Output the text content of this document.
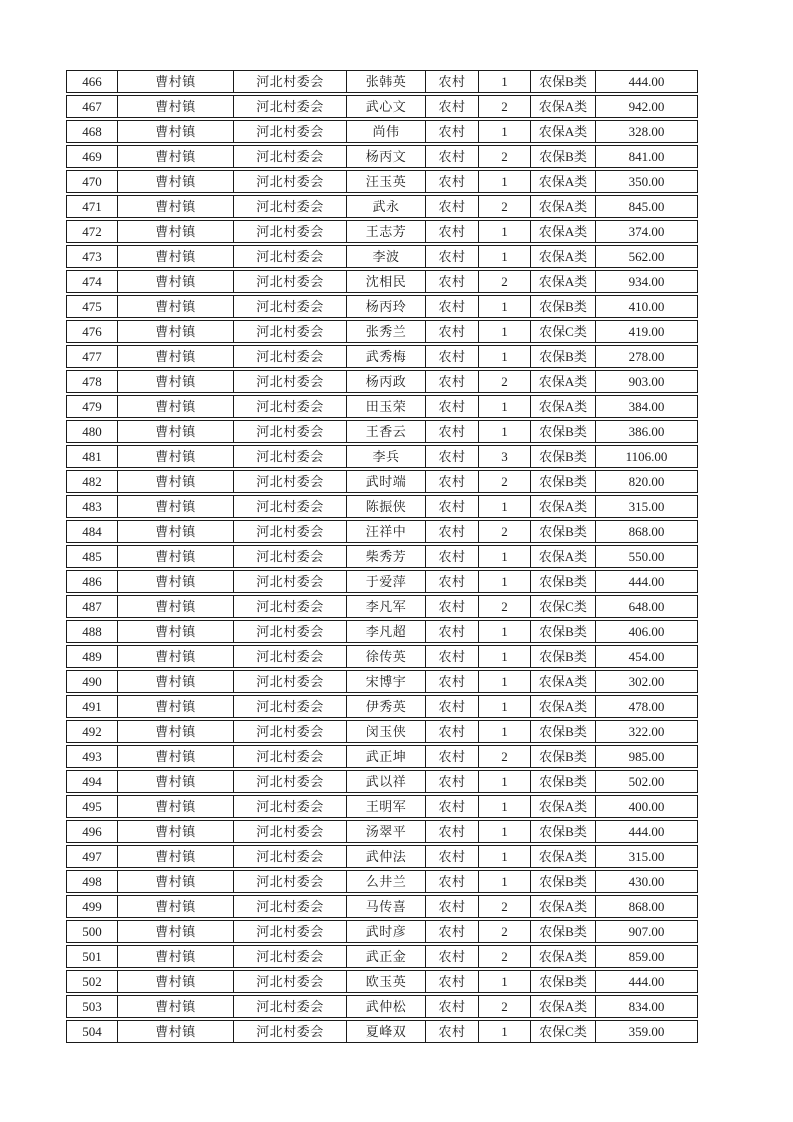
466	曹村镇	河北村委会	张韩英	农村	1	农保B类	444.00
467	曹村镇	河北村委会	武心文	农村	2	农保A类	942.00
468	曹村镇	河北村委会	尚伟	农村	1	农保A类	328.00
469	曹村镇	河北村委会	杨丙文	农村	2	农保B类	841.00
470	曹村镇	河北村委会	汪玉英	农村	1	农保A类	350.00
471	曹村镇	河北村委会	武永	农村	2	农保A类	845.00
472	曹村镇	河北村委会	王志芳	农村	1	农保A类	374.00
473	曹村镇	河北村委会	李波	农村	1	农保A类	562.00
474	曹村镇	河北村委会	沈相民	农村	2	农保A类	934.00
475	曹村镇	河北村委会	杨丙玲	农村	1	农保B类	410.00
476	曹村镇	河北村委会	张秀兰	农村	1	农保C类	419.00
477	曹村镇	河北村委会	武秀梅	农村	1	农保B类	278.00
478	曹村镇	河北村委会	杨丙政	农村	2	农保A类	903.00
479	曹村镇	河北村委会	田玉荣	农村	1	农保A类	384.00
480	曹村镇	河北村委会	王香云	农村	1	农保B类	386.00
481	曹村镇	河北村委会	李兵	农村	3	农保B类	1106.00
482	曹村镇	河北村委会	武时端	农村	2	农保B类	820.00
483	曹村镇	河北村委会	陈振侠	农村	1	农保A类	315.00
484	曹村镇	河北村委会	汪祥中	农村	2	农保B类	868.00
485	曹村镇	河北村委会	柴秀芳	农村	1	农保A类	550.00
486	曹村镇	河北村委会	于爱萍	农村	1	农保B类	444.00
487	曹村镇	河北村委会	李凡军	农村	2	农保C类	648.00
488	曹村镇	河北村委会	李凡超	农村	1	农保B类	406.00
489	曹村镇	河北村委会	徐传英	农村	1	农保B类	454.00
490	曹村镇	河北村委会	宋博宇	农村	1	农保A类	302.00
491	曹村镇	河北村委会	伊秀英	农村	1	农保A类	478.00
492	曹村镇	河北村委会	闵玉侠	农村	1	农保B类	322.00
493	曹村镇	河北村委会	武正坤	农村	2	农保B类	985.00
494	曹村镇	河北村委会	武以祥	农村	1	农保B类	502.00
495	曹村镇	河北村委会	王明军	农村	1	农保A类	400.00
496	曹村镇	河北村委会	汤翠平	农村	1	农保B类	444.00
497	曹村镇	河北村委会	武仲法	农村	1	农保A类	315.00
498	曹村镇	河北村委会	么井兰	农村	1	农保B类	430.00
499	曹村镇	河北村委会	马传喜	农村	2	农保A类	868.00
500	曹村镇	河北村委会	武时彦	农村	2	农保B类	907.00
501	曹村镇	河北村委会	武正金	农村	2	农保A类	859.00
502	曹村镇	河北村委会	欧玉英	农村	1	农保B类	444.00
503	曹村镇	河北村委会	武仲松	农村	2	农保A类	834.00
504	曹村镇	河北村委会	夏峰双	农村	1	农保C类	359.00
